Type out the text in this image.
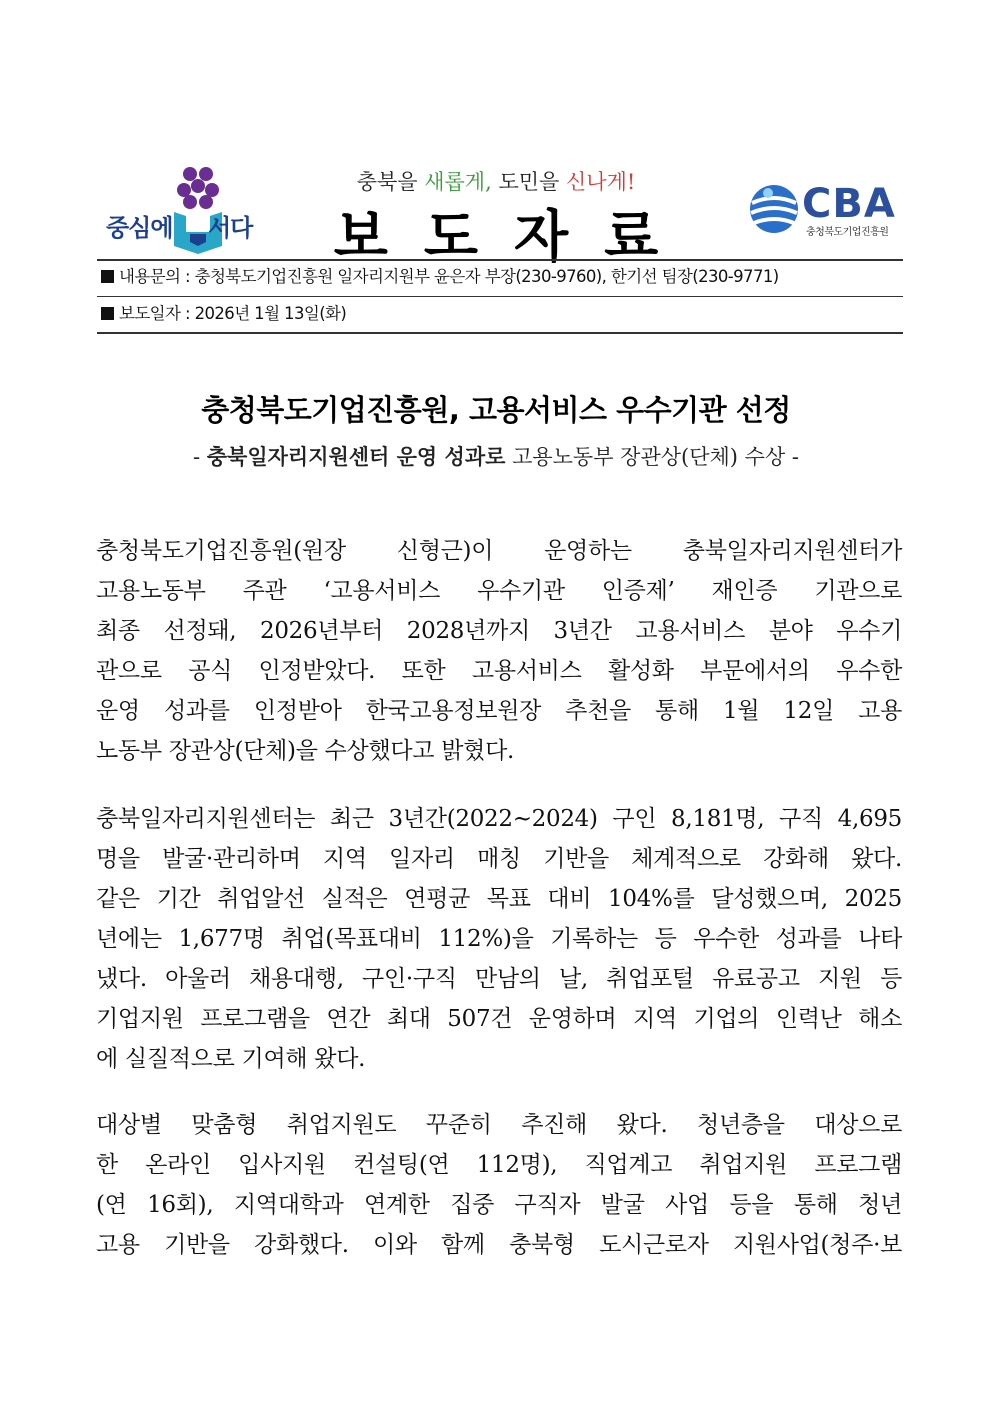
중심에 서다
충북을 새롭게, 도민을 신나게!
보도자료
CBA
충청북도기업진흥원
내용문의 : 충청북도기업진흥원 일자리지원부 윤은자 부장(230-9760), 한기선 팀장(230-9771)
보도일자 : 2026년 1월 13일(화)
충청북도기업진흥원, 고용서비스 우수기관 선정
- 충북일자리지원센터 운영 성과로 고용노동부 장관상(단체) 수상 -
충청북도기업진흥원(원장 신형근)이 운영하는 충북일자리지원센터가
고용노동부 주관 ‘고용서비스 우수기관 인증제’ 재인증 기관으로
최종 선정돼, 2026년부터 2028년까지 3년간 고용서비스 분야 우수기
관으로 공식 인정받았다. 또한 고용서비스 활성화 부문에서의 우수한
운영 성과를 인정받아 한국고용정보원장 추천을 통해 1월 12일 고용
노동부 장관상(단체)을 수상했다고 밝혔다.
충북일자리지원센터는 최근 3년간(2022~2024) 구인 8,181명, 구직 4,695
명을 발굴·관리하며 지역 일자리 매칭 기반을 체계적으로 강화해 왔다.
같은 기간 취업알선 실적은 연평균 목표 대비 104%를 달성했으며, 2025
년에는 1,677명 취업(목표대비 112%)을 기록하는 등 우수한 성과를 나타
냈다. 아울러 채용대행, 구인·구직 만남의 날, 취업포털 유료공고 지원 등
기업지원 프로그램을 연간 최대 507건 운영하며 지역 기업의 인력난 해소
에 실질적으로 기여해 왔다.
대상별 맞춤형 취업지원도 꾸준히 추진해 왔다. 청년층을 대상으로
한 온라인 입사지원 컨설팅(연 112명), 직업계고 취업지원 프로그램
(연 16회), 지역대학과 연계한 집중 구직자 발굴 사업 등을 통해 청년
고용 기반을 강화했다. 이와 함께 충북형 도시근로자 지원사업(청주·보
